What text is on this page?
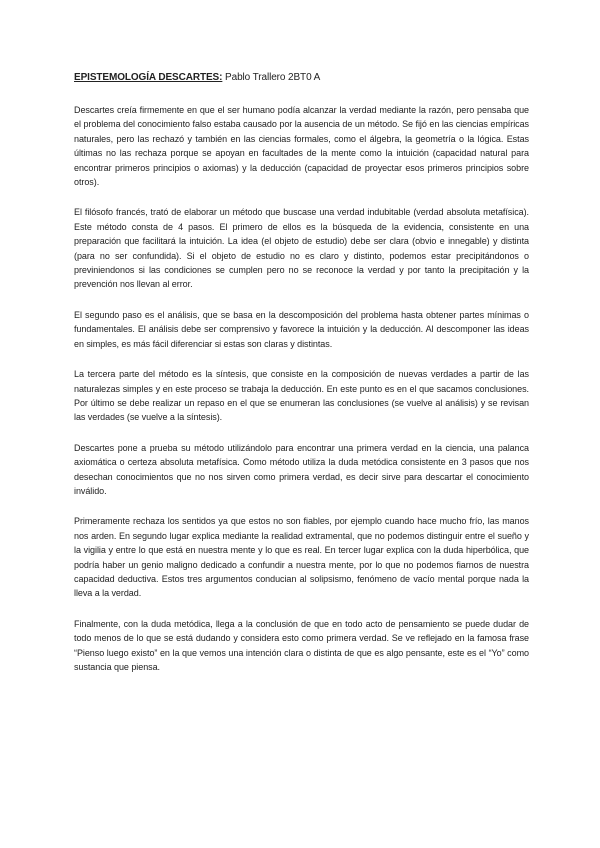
EPISTEMOLOGÍA DESCARTES: Pablo Trallero 2BT0 A

Descartes creía firmemente en que el ser humano podía alcanzar la verdad mediante la razón, pero pensaba que el problema del conocimiento falso estaba causado por la ausencia de un método. Se fijó en las ciencias empíricas naturales, pero las rechazó y también en las ciencias formales, como el álgebra, la geometría o la lógica. Estas últimas no las rechaza porque se apoyan en facultades de la mente como la intuición (capacidad natural para encontrar primeros principios o axiomas) y la deducción (capacidad de proyectar esos primeros principios sobre otros).

El filósofo francés, trató de elaborar un método que buscase una verdad indubitable (verdad absoluta metafísica). Este método consta de 4 pasos. El primero de ellos es la búsqueda de la evidencia, consistente en una preparación que facilitará la intuición. La idea (el objeto de estudio) debe ser clara (obvio e innegable) y distinta (para no ser confundida). Si el objeto de estudio no es claro y distinto, podemos estar precipitándonos o previniendonos si las condiciones se cumplen pero no se reconoce la verdad y por tanto la precipitación y la prevención nos llevan al error.

El segundo paso es el análisis, que se basa en la descomposición del problema hasta obtener partes mínimas o fundamentales. El análisis debe ser comprensivo y favorece la intuición y la deducción. Al descomponer las ideas en simples, es más fácil diferenciar si estas son claras y distintas.

La tercera parte del método es la síntesis, que consiste en la composición de nuevas verdades a partir de las naturalezas simples y en este proceso se trabaja la deducción. En este punto es en el que sacamos conclusiones. Por último se debe realizar un repaso en el que se enumeran las conclusiones (se vuelve al análisis) y se revisan las verdades (se vuelve a la síntesis).

Descartes pone a prueba su método utilizándolo para encontrar una primera verdad en la ciencia, una palanca axiomática o certeza absoluta metafísica. Como método utiliza la duda metódica consistente en 3 pasos que nos desechan conocimientos que no nos sirven como primera verdad, es decir sirve para descartar el conocimiento inválido.

Primeramente rechaza los sentidos ya que estos no son fiables, por ejemplo cuando hace mucho frío, las manos nos arden. En segundo lugar explica mediante la realidad extramental, que no podemos distinguir entre el sueño y la vigilia y entre lo que está en nuestra mente y lo que es real. En tercer lugar explica con la duda hiperbólica, que podría haber un genio maligno dedicado a confundir a nuestra mente, por lo que no podemos fiarnos de nuestra capacidad deductiva. Estos tres argumentos conducian al solipsismo, fenómeno de vacío mental porque nada la lleva a la verdad.

Finalmente, con la duda metódica, llega a la conclusión de que en todo acto de pensamiento se puede dudar de todo menos de lo que se está dudando y considera esto como primera verdad. Se ve reflejado en la famosa frase “Pienso luego existo” en la que vemos una intención clara o distinta de que es algo pensante, este es el “Yo” como sustancia que piensa.
